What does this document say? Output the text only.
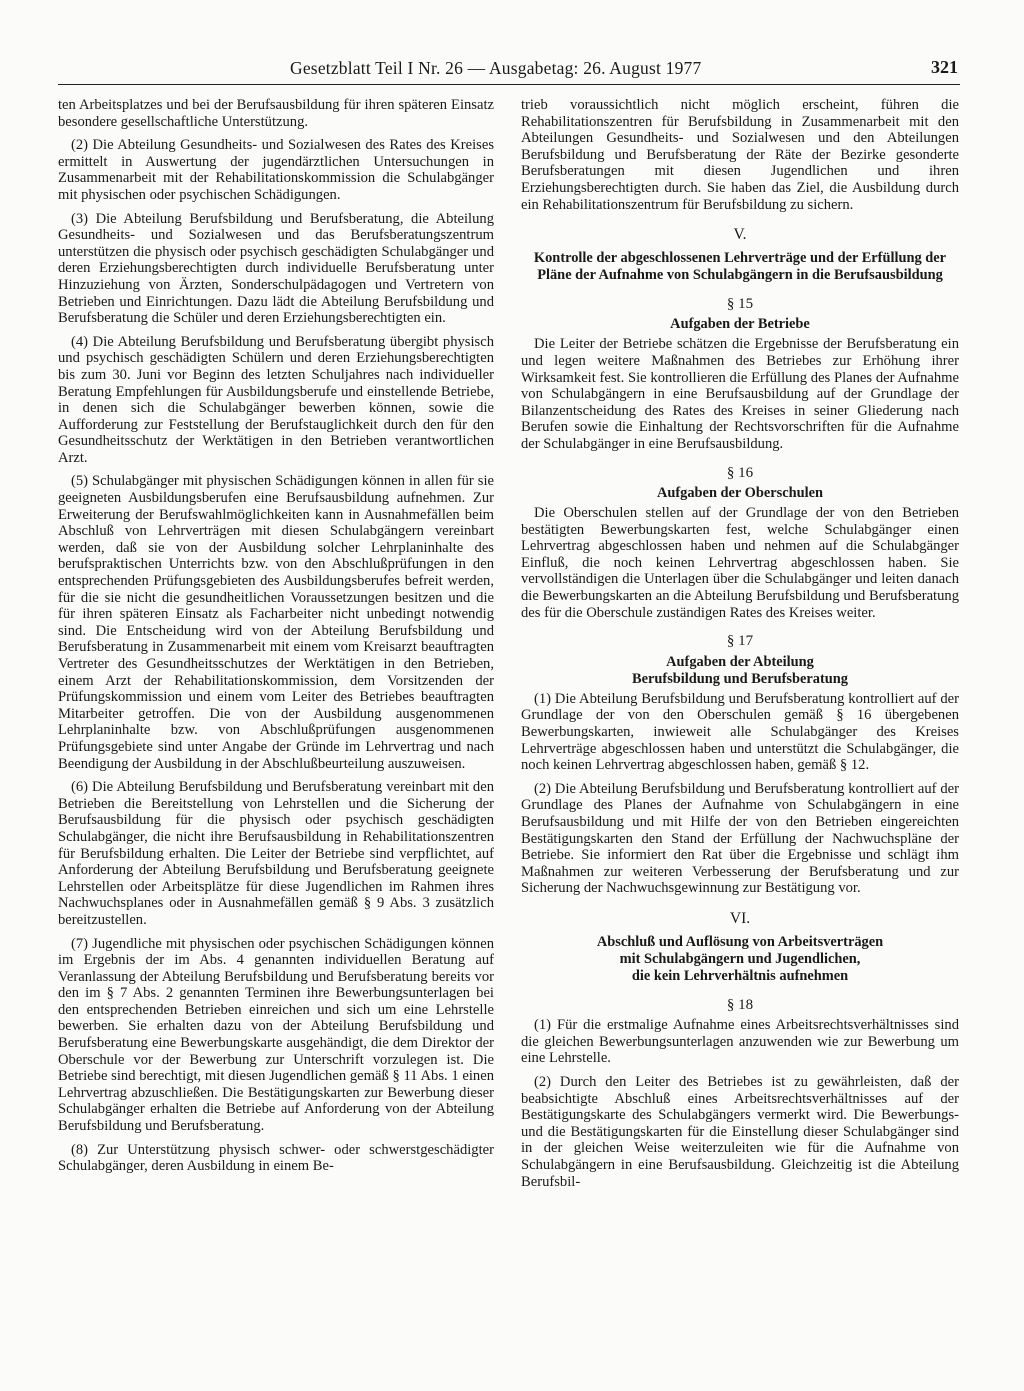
Gesetzblatt Teil I Nr. 26 — Ausgabetag: 26. August 1977	321

ten Arbeitsplatzes und bei der Berufsausbildung für ihren späteren Einsatz besondere gesellschaftliche Unterstützung.

(2) Die Abteilung Gesundheits- und Sozialwesen des Rates des Kreises ermittelt in Auswertung der jugendärztlichen Untersuchungen in Zusammenarbeit mit der Rehabilitationskommission die Schulabgänger mit physischen oder psychischen Schädigungen.

(3) Die Abteilung Berufsbildung und Berufsberatung, die Abteilung Gesundheits- und Sozialwesen und das Berufsberatungszentrum unterstützen die physisch oder psychisch geschädigten Schulabgänger und deren Erziehungsberechtigten durch individuelle Berufsberatung unter Hinzuziehung von Ärzten, Sonderschulpädagogen und Vertretern von Betrieben und Einrichtungen. Dazu lädt die Abteilung Berufsbildung und Berufsberatung die Schüler und deren Erziehungsberechtigten ein.

(4) Die Abteilung Berufsbildung und Berufsberatung übergibt physisch und psychisch geschädigten Schülern und deren Erziehungsberechtigten bis zum 30. Juni vor Beginn des letzten Schuljahres nach individueller Beratung Empfehlungen für Ausbildungsberufe und einstellende Betriebe, in denen sich die Schulabgänger bewerben können, sowie die Aufforderung zur Feststellung der Berufstauglichkeit durch den für den Gesundheitsschutz der Werktätigen in den Betrieben verantwortlichen Arzt.

(5) Schulabgänger mit physischen Schädigungen können in allen für sie geeigneten Ausbildungsberufen eine Berufsausbildung aufnehmen. Zur Erweiterung der Berufswahlmöglichkeiten kann in Ausnahmefällen beim Abschluß von Lehrverträgen mit diesen Schulabgängern vereinbart werden, daß sie von der Ausbildung solcher Lehrplaninhalte des berufspraktischen Unterrichts bzw. von den Abschlußprüfungen in den entsprechenden Prüfungsgebieten des Ausbildungsberufes befreit werden, für die sie nicht die gesundheitlichen Voraussetzungen besitzen und die für ihren späteren Einsatz als Facharbeiter nicht unbedingt notwendig sind. Die Entscheidung wird von der Abteilung Berufsbildung und Berufsberatung in Zusammenarbeit mit einem vom Kreisarzt beauftragten Vertreter des Gesundheitsschutzes der Werktätigen in den Betrieben, einem Arzt der Rehabilitationskommission, dem Vorsitzenden der Prüfungskommission und einem vom Leiter des Betriebes beauftragten Mitarbeiter getroffen. Die von der Ausbildung ausgenommenen Lehrplaninhalte bzw. von Abschlußprüfungen ausgenommenen Prüfungsgebiete sind unter Angabe der Gründe im Lehrvertrag und nach Beendigung der Ausbildung in der Abschlußbeurteilung auszuweisen.

(6) Die Abteilung Berufsbildung und Berufsberatung vereinbart mit den Betrieben die Bereitstellung von Lehrstellen und die Sicherung der Berufsausbildung für die physisch oder psychisch geschädigten Schulabgänger, die nicht ihre Berufsausbildung in Rehabilitationszentren für Berufsbildung erhalten. Die Leiter der Betriebe sind verpflichtet, auf Anforderung der Abteilung Berufsbildung und Berufsberatung geeignete Lehrstellen oder Arbeitsplätze für diese Jugendlichen im Rahmen ihres Nachwuchsplanes oder in Ausnahmefällen gemäß § 9 Abs. 3 zusätzlich bereitzustellen.

(7) Jugendliche mit physischen oder psychischen Schädigungen können im Ergebnis der im Abs. 4 genannten individuellen Beratung auf Veranlassung der Abteilung Berufsbildung und Berufsberatung bereits vor den im § 7 Abs. 2 genannten Terminen ihre Bewerbungsunterlagen bei den entsprechenden Betrieben einreichen und sich um eine Lehrstelle bewerben. Sie erhalten dazu von der Abteilung Berufsbildung und Berufsberatung eine Bewerbungskarte ausgehändigt, die dem Direktor der Oberschule vor der Bewerbung zur Unterschrift vorzulegen ist. Die Betriebe sind berechtigt, mit diesen Jugendlichen gemäß § 11 Abs. 1 einen Lehrvertrag abzuschließen. Die Bestätigungskarten zur Bewerbung dieser Schulabgänger erhalten die Betriebe auf Anforderung von der Abteilung Berufsbildung und Berufsberatung.

(8) Zur Unterstützung physisch schwer- oder schwerstgeschädigter Schulabgänger, deren Ausbildung in einem Be-

trieb voraussichtlich nicht möglich erscheint, führen die Rehabilitationszentren für Berufsbildung in Zusammenarbeit mit den Abteilungen Gesundheits- und Sozialwesen und den Abteilungen Berufsbildung und Berufsberatung der Räte der Bezirke gesonderte Berufsberatungen mit diesen Jugendlichen und ihren Erziehungsberechtigten durch. Sie haben das Ziel, die Ausbildung durch ein Rehabilitationszentrum für Berufsbildung zu sichern.

V.
Kontrolle der abgeschlossenen Lehrverträge und der Erfüllung der Pläne der Aufnahme von Schulabgängern in die Berufsausbildung
§ 15
Aufgaben der Betriebe

Die Leiter der Betriebe schätzen die Ergebnisse der Berufsberatung ein und legen weitere Maßnahmen des Betriebes zur Erhöhung ihrer Wirksamkeit fest. Sie kontrollieren die Erfüllung des Planes der Aufnahme von Schulabgängern in eine Berufsausbildung auf der Grundlage der Bilanzentscheidung des Rates des Kreises in seiner Gliederung nach Berufen sowie die Einhaltung der Rechtsvorschriften für die Aufnahme der Schulabgänger in eine Berufsausbildung.

§ 16
Aufgaben der Oberschulen

Die Oberschulen stellen auf der Grundlage der von den Betrieben bestätigten Bewerbungskarten fest, welche Schulabgänger einen Lehrvertrag abgeschlossen haben und nehmen auf die Schulabgänger Einfluß, die noch keinen Lehrvertrag abgeschlossen haben. Sie vervollständigen die Unterlagen über die Schulabgänger und leiten danach die Bewerbungskarten an die Abteilung Berufsbildung und Berufsberatung des für die Oberschule zuständigen Rates des Kreises weiter.

§ 17
Aufgaben der Abteilung
Berufsbildung und Berufsberatung

(1) Die Abteilung Berufsbildung und Berufsberatung kontrolliert auf der Grundlage der von den Oberschulen gemäß § 16 übergebenen Bewerbungskarten, inwieweit alle Schulabgänger des Kreises Lehrverträge abgeschlossen haben und unterstützt die Schulabgänger, die noch keinen Lehrvertrag abgeschlossen haben, gemäß § 12.

(2) Die Abteilung Berufsbildung und Berufsberatung kontrolliert auf der Grundlage des Planes der Aufnahme von Schulabgängern in eine Berufsausbildung und mit Hilfe der von den Betrieben eingereichten Bestätigungskarten den Stand der Erfüllung der Nachwuchspläne der Betriebe. Sie informiert den Rat über die Ergebnisse und schlägt ihm Maßnahmen zur weiteren Verbesserung der Berufsberatung und zur Sicherung der Nachwuchsgewinnung zur Bestätigung vor.

VI.
Abschluß und Auflösung von Arbeitsverträgen
mit Schulabgängern und Jugendlichen,
die kein Lehrverhältnis aufnehmen
§ 18

(1) Für die erstmalige Aufnahme eines Arbeitsrechtsverhältnisses sind die gleichen Bewerbungsunterlagen anzuwenden wie zur Bewerbung um eine Lehrstelle.

(2) Durch den Leiter des Betriebes ist zu gewährleisten, daß der beabsichtigte Abschluß eines Arbeitsrechtsverhältnisses auf der Bestätigungskarte des Schulabgängers vermerkt wird. Die Bewerbungs- und die Bestätigungskarten für die Einstellung dieser Schulabgänger sind in der gleichen Weise weiterzuleiten wie für die Aufnahme von Schulabgängern in eine Berufsausbildung. Gleichzeitig ist die Abteilung Berufsbil-
